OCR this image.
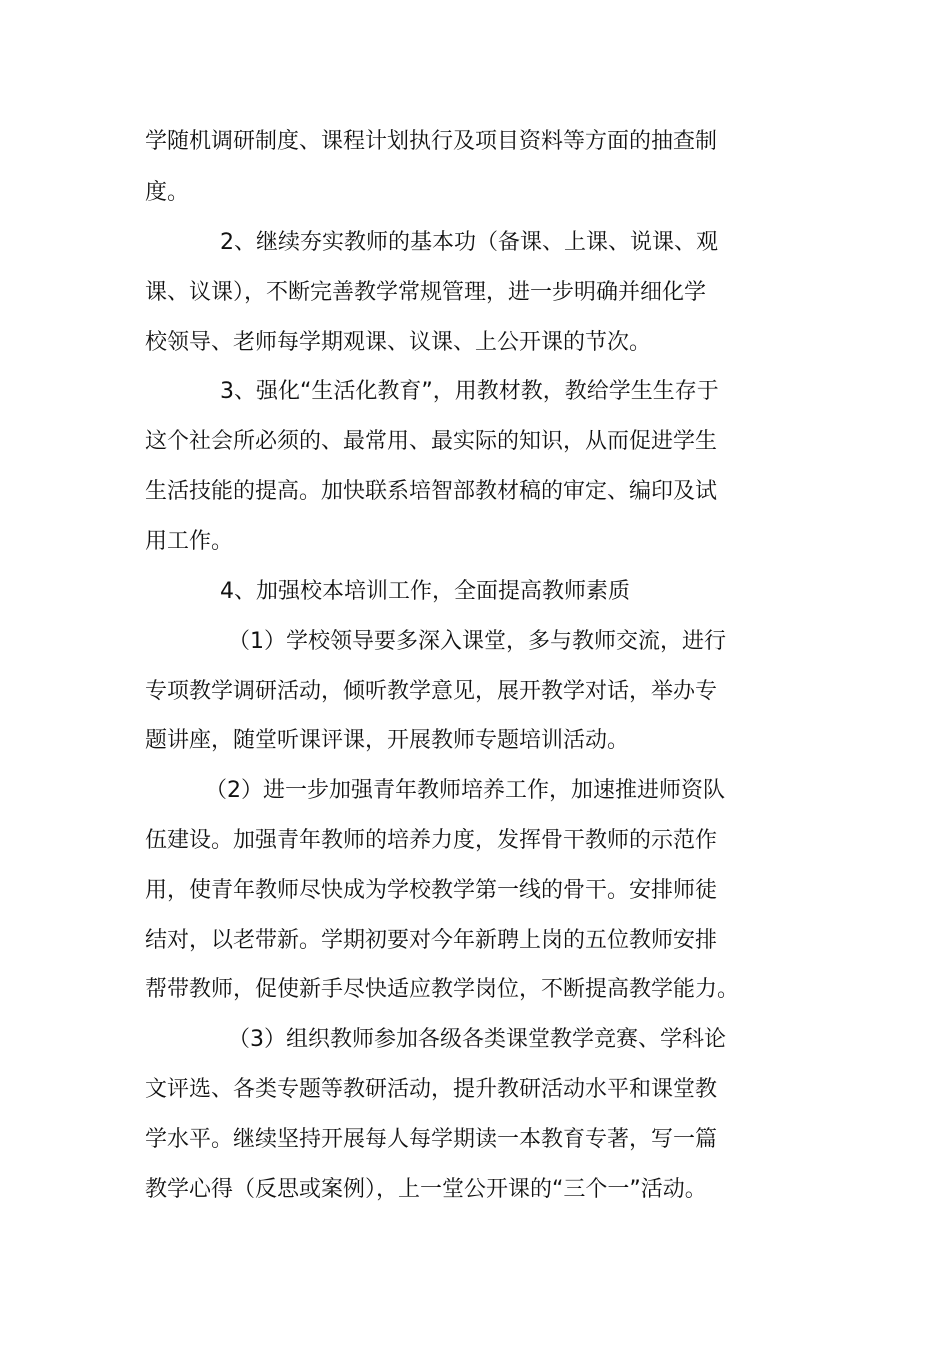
学随机调研制度、课程计划执行及项目资料等方面的抽查制
度。
2、继续夯实教师的基本功（备课、上课、说课、观
课、议课），不断完善教学常规管理，进一步明确并细化学
校领导、老师每学期观课、议课、上公开课的节次。
3、强化“生活化教育”，用教材教，教给学生生存于
这个社会所必须的、最常用、最实际的知识，从而促进学生
生活技能的提高。加快联系培智部教材稿的审定、编印及试
用工作。
4、加强校本培训工作，全面提高教师素质
（1）学校领导要多深入课堂，多与教师交流，进行
专项教学调研活动，倾听教学意见，展开教学对话，举办专
题讲座，随堂听课评课，开展教师专题培训活动。
（2）进一步加强青年教师培养工作，加速推进师资队
伍建设。加强青年教师的培养力度，发挥骨干教师的示范作
用，使青年教师尽快成为学校教学第一线的骨干。安排师徒
结对，以老带新。学期初要对今年新聘上岗的五位教师安排
帮带教师，促使新手尽快适应教学岗位，不断提高教学能力。
（3）组织教师参加各级各类课堂教学竞赛、学科论
文评选、各类专题等教研活动，提升教研活动水平和课堂教
学水平。继续坚持开展每人每学期读一本教育专著，写一篇
教学心得（反思或案例），上一堂公开课的“三个一”活动。
